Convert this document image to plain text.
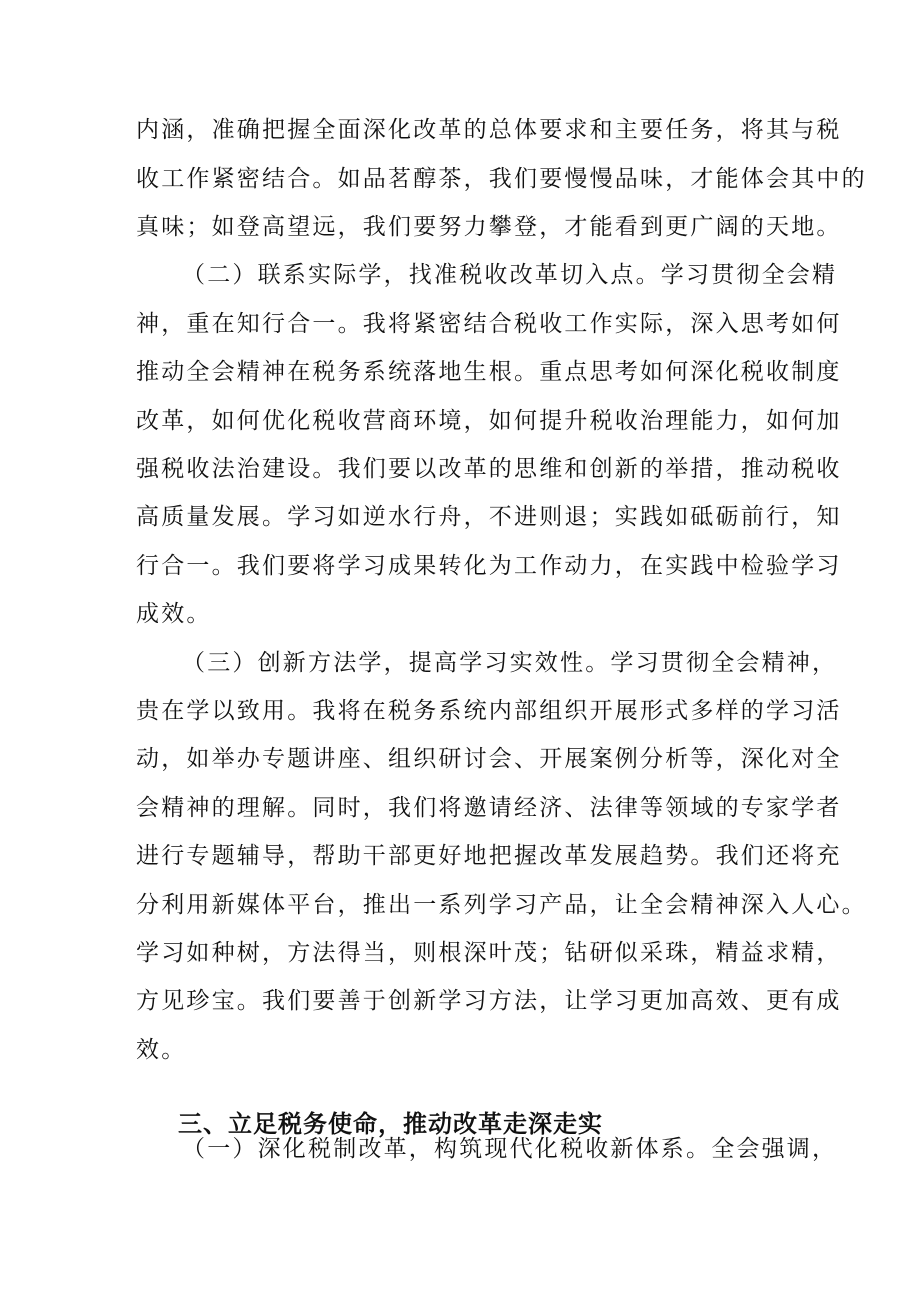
内涵，准确把握全面深化改革的总体要求和主要任务，将其与税

收工作紧密结合。如品茗醇茶，我们要慢慢品味，才能体会其中的

真味；如登高望远，我们要努力攀登，才能看到更广阔的天地。

（二）联系实际学，找准税收改革切入点。学习贯彻全会精

神，重在知行合一。我将紧密结合税收工作实际，深入思考如何

推动全会精神在税务系统落地生根。重点思考如何深化税收制度

改革，如何优化税收营商环境，如何提升税收治理能力，如何加

强税收法治建设。我们要以改革的思维和创新的举措，推动税收

高质量发展。学习如逆水行舟，不进则退；实践如砥砺前行，知

行合一。我们要将学习成果转化为工作动力，在实践中检验学习

成效。

（三）创新方法学，提高学习实效性。学习贯彻全会精神，

贵在学以致用。我将在税务系统内部组织开展形式多样的学习活

动，如举办专题讲座、组织研讨会、开展案例分析等，深化对全

会精神的理解。同时，我们将邀请经济、法律等领域的专家学者

进行专题辅导，帮助干部更好地把握改革发展趋势。我们还将充

分利用新媒体平台，推出一系列学习产品，让全会精神深入人心。

学习如种树，方法得当，则根深叶茂；钻研似采珠，精益求精，

方见珍宝。我们要善于创新学习方法，让学习更加高效、更有成

效。

三、立足税务使命，推动改革走深走实

（一）深化税制改革，构筑现代化税收新体系。全会强调，
